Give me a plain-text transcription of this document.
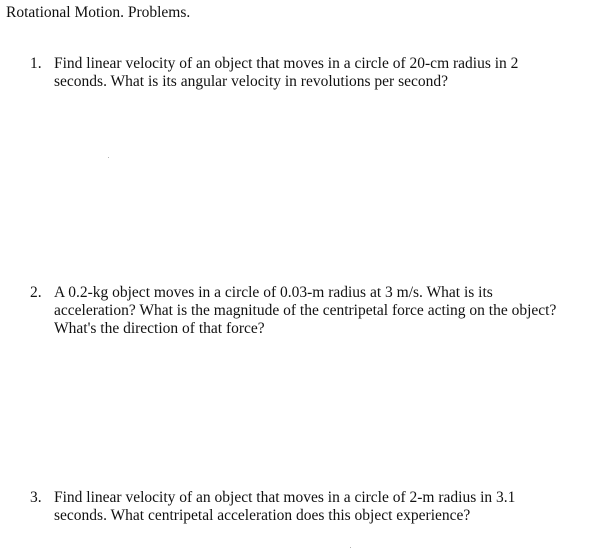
Rotational Motion. Problems.
1. Find linear velocity of an object that moves in a circle of 20-cm radius in 2
seconds. What is its angular velocity in revolutions per second?
2. A 0.2-kg object moves in a circle of 0.03-m radius at 3 m/s. What is its
acceleration? What is the magnitude of the centripetal force acting on the object?
What's the direction of that force?
3. Find linear velocity of an object that moves in a circle of 2-m radius in 3.1
seconds. What centripetal acceleration does this object experience?
